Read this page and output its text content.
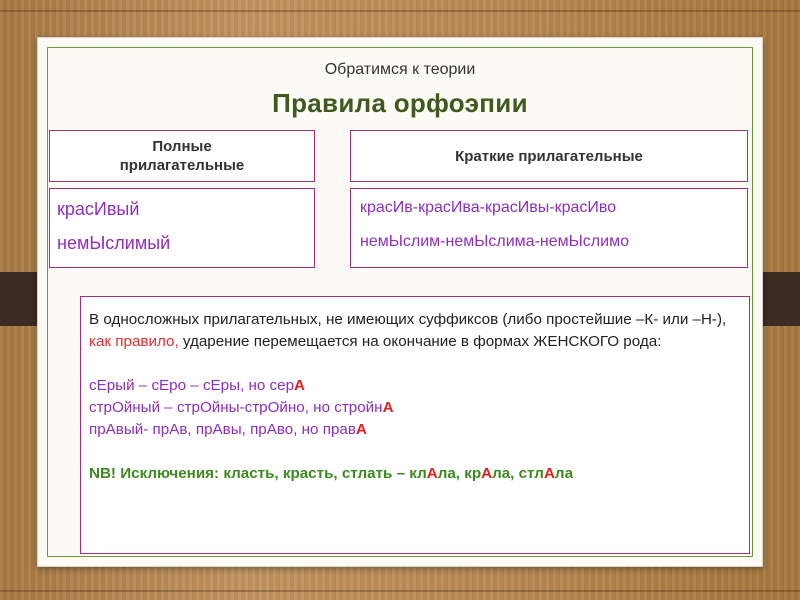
Обратимся к теории
Правила орфоэпии
Полные прилагательные
красИвый
немЫслимый
Краткие прилагательные
красИв-красИва-красИвы-красИво
немЫслим-немЫслима-немЫслимо
В односложных прилагательных, не имеющих суффиксов (либо простейшие –К- или –Н-), как правило, ударение перемещается на окончание в формах ЖЕНСКОГО рода:
сЕрый – сЕро – сЕры, но серА
стрОйный – стрОйны-стрОйно, но стройнА
прАвый- прАв, прАвы, прАво, но правА
NB! Исключения: класть, красть, стлать – клАла, крАла, стлАла
